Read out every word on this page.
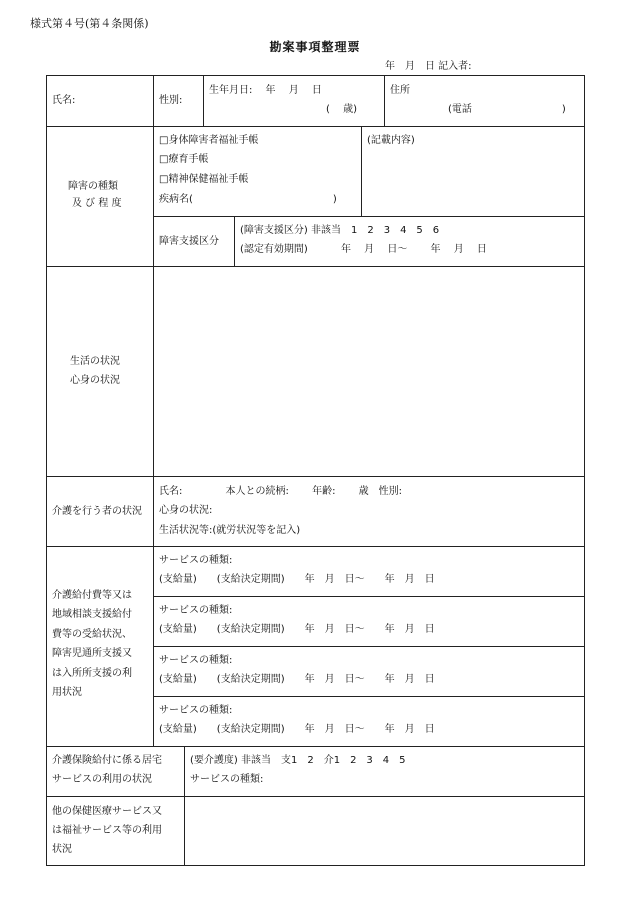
様式第４号(第４条関係)
勘案事項整理票
年　月　日 記入者:
氏名:	性別:
生年月日:　 年　 月　 日
(　 歳)
住所
(電話　　　　　　　　　)
障害の種類
及 び 程 度
□身体障害者福祉手帳
□療育手帳
□精神保健福祉手帳
疾病名(　　　　　　　　　　　　　　)
(記載内容)
障害支援区分
(障害支援区分) 非該当　1　2　3　4　5　6
(認定有効期間)　　　 年　 月　 日～　　 年　 月　 日
生活の状況
心身の状況
介護を行う者の状況
氏名:　　　　 本人との続柄:　　 年齢:　　 歳　性別:
心身の状況:
生活状況等:(就労状況等を記入)
介護給付費等又は
地域相談支援給付
費等の受給状況、
障害児通所支援又
は入所所支援の利
用状況
サービスの種類:
(支給量)　　(支給決定期間)　　年　月　日～　　年　月　日
サービスの種類:
(支給量)　　(支給決定期間)　　年　月　日～　　年　月　日
サービスの種類:
(支給量)　　(支給決定期間)　　年　月　日～　　年　月　日
サービスの種類:
(支給量)　　(支給決定期間)　　年　月　日～　　年　月　日
介護保険給付に係る居宅
サービスの利用の状況
(要介護度) 非該当　支1　2　介1　2　3　4　5
サービスの種類:
他の保健医療サービス又
は福祉サービス等の利用
状況
